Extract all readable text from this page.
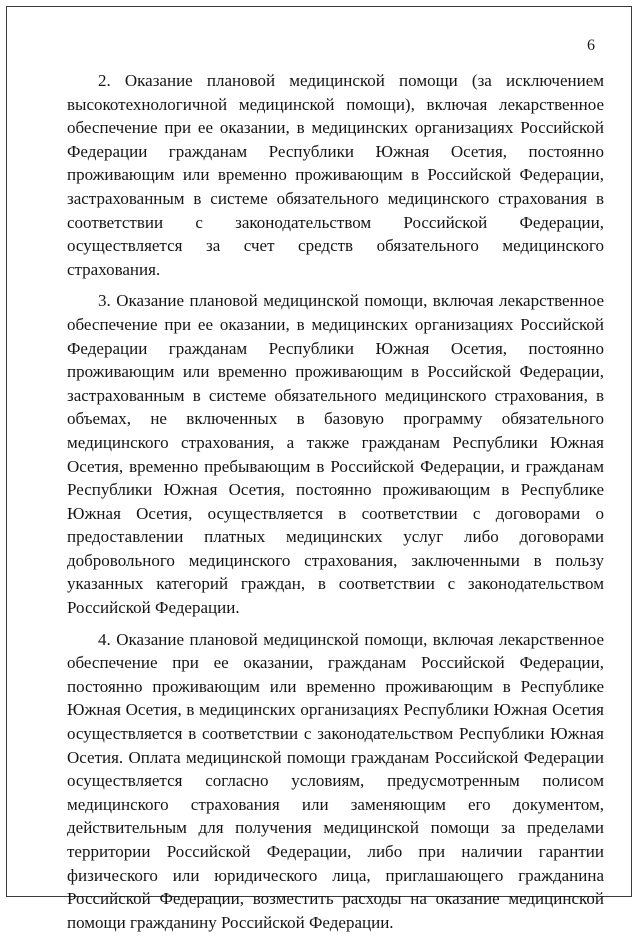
6

2. Оказание плановой медицинской помощи (за исключением высокотехнологичной медицинской помощи), включая лекарственное обеспечение при ее оказании, в медицинских организациях Российской Федерации гражданам Республики Южная Осетия, постоянно проживающим или временно проживающим в Российской Федерации, застрахованным в системе обязательного медицинского страхования в соответствии с законодательством Российской Федерации, осуществляется за счет средств обязательного медицинского страхования.

3. Оказание плановой медицинской помощи, включая лекарственное обеспечение при ее оказании, в медицинских организациях Российской Федерации гражданам Республики Южная Осетия, постоянно проживающим или временно проживающим в Российской Федерации, застрахованным в системе обязательного медицинского страхования, в объемах, не включенных в базовую программу обязательного медицинского страхования, а также гражданам Республики Южная Осетия, временно пребывающим в Российской Федерации, и гражданам Республики Южная Осетия, постоянно проживающим в Республике Южная Осетия, осуществляется в соответствии с договорами о предоставлении платных медицинских услуг либо договорами добровольного медицинского страхования, заключенными в пользу указанных категорий граждан, в соответствии с законодательством Российской Федерации.

4. Оказание плановой медицинской помощи, включая лекарственное обеспечение при ее оказании, гражданам Российской Федерации, постоянно проживающим или временно проживающим в Республике Южная Осетия, в медицинских организациях Республики Южная Осетия осуществляется в соответствии с законодательством Республики Южная Осетия. Оплата медицинской помощи гражданам Российской Федерации осуществляется согласно условиям, предусмотренным полисом медицинского страхования или заменяющим его документом, действительным для получения медицинской помощи за пределами территории Российской Федерации, либо при наличии гарантии физического или юридического лица, приглашающего гражданина Российской Федерации, возместить расходы на оказание медицинской помощи гражданину Российской Федерации.
